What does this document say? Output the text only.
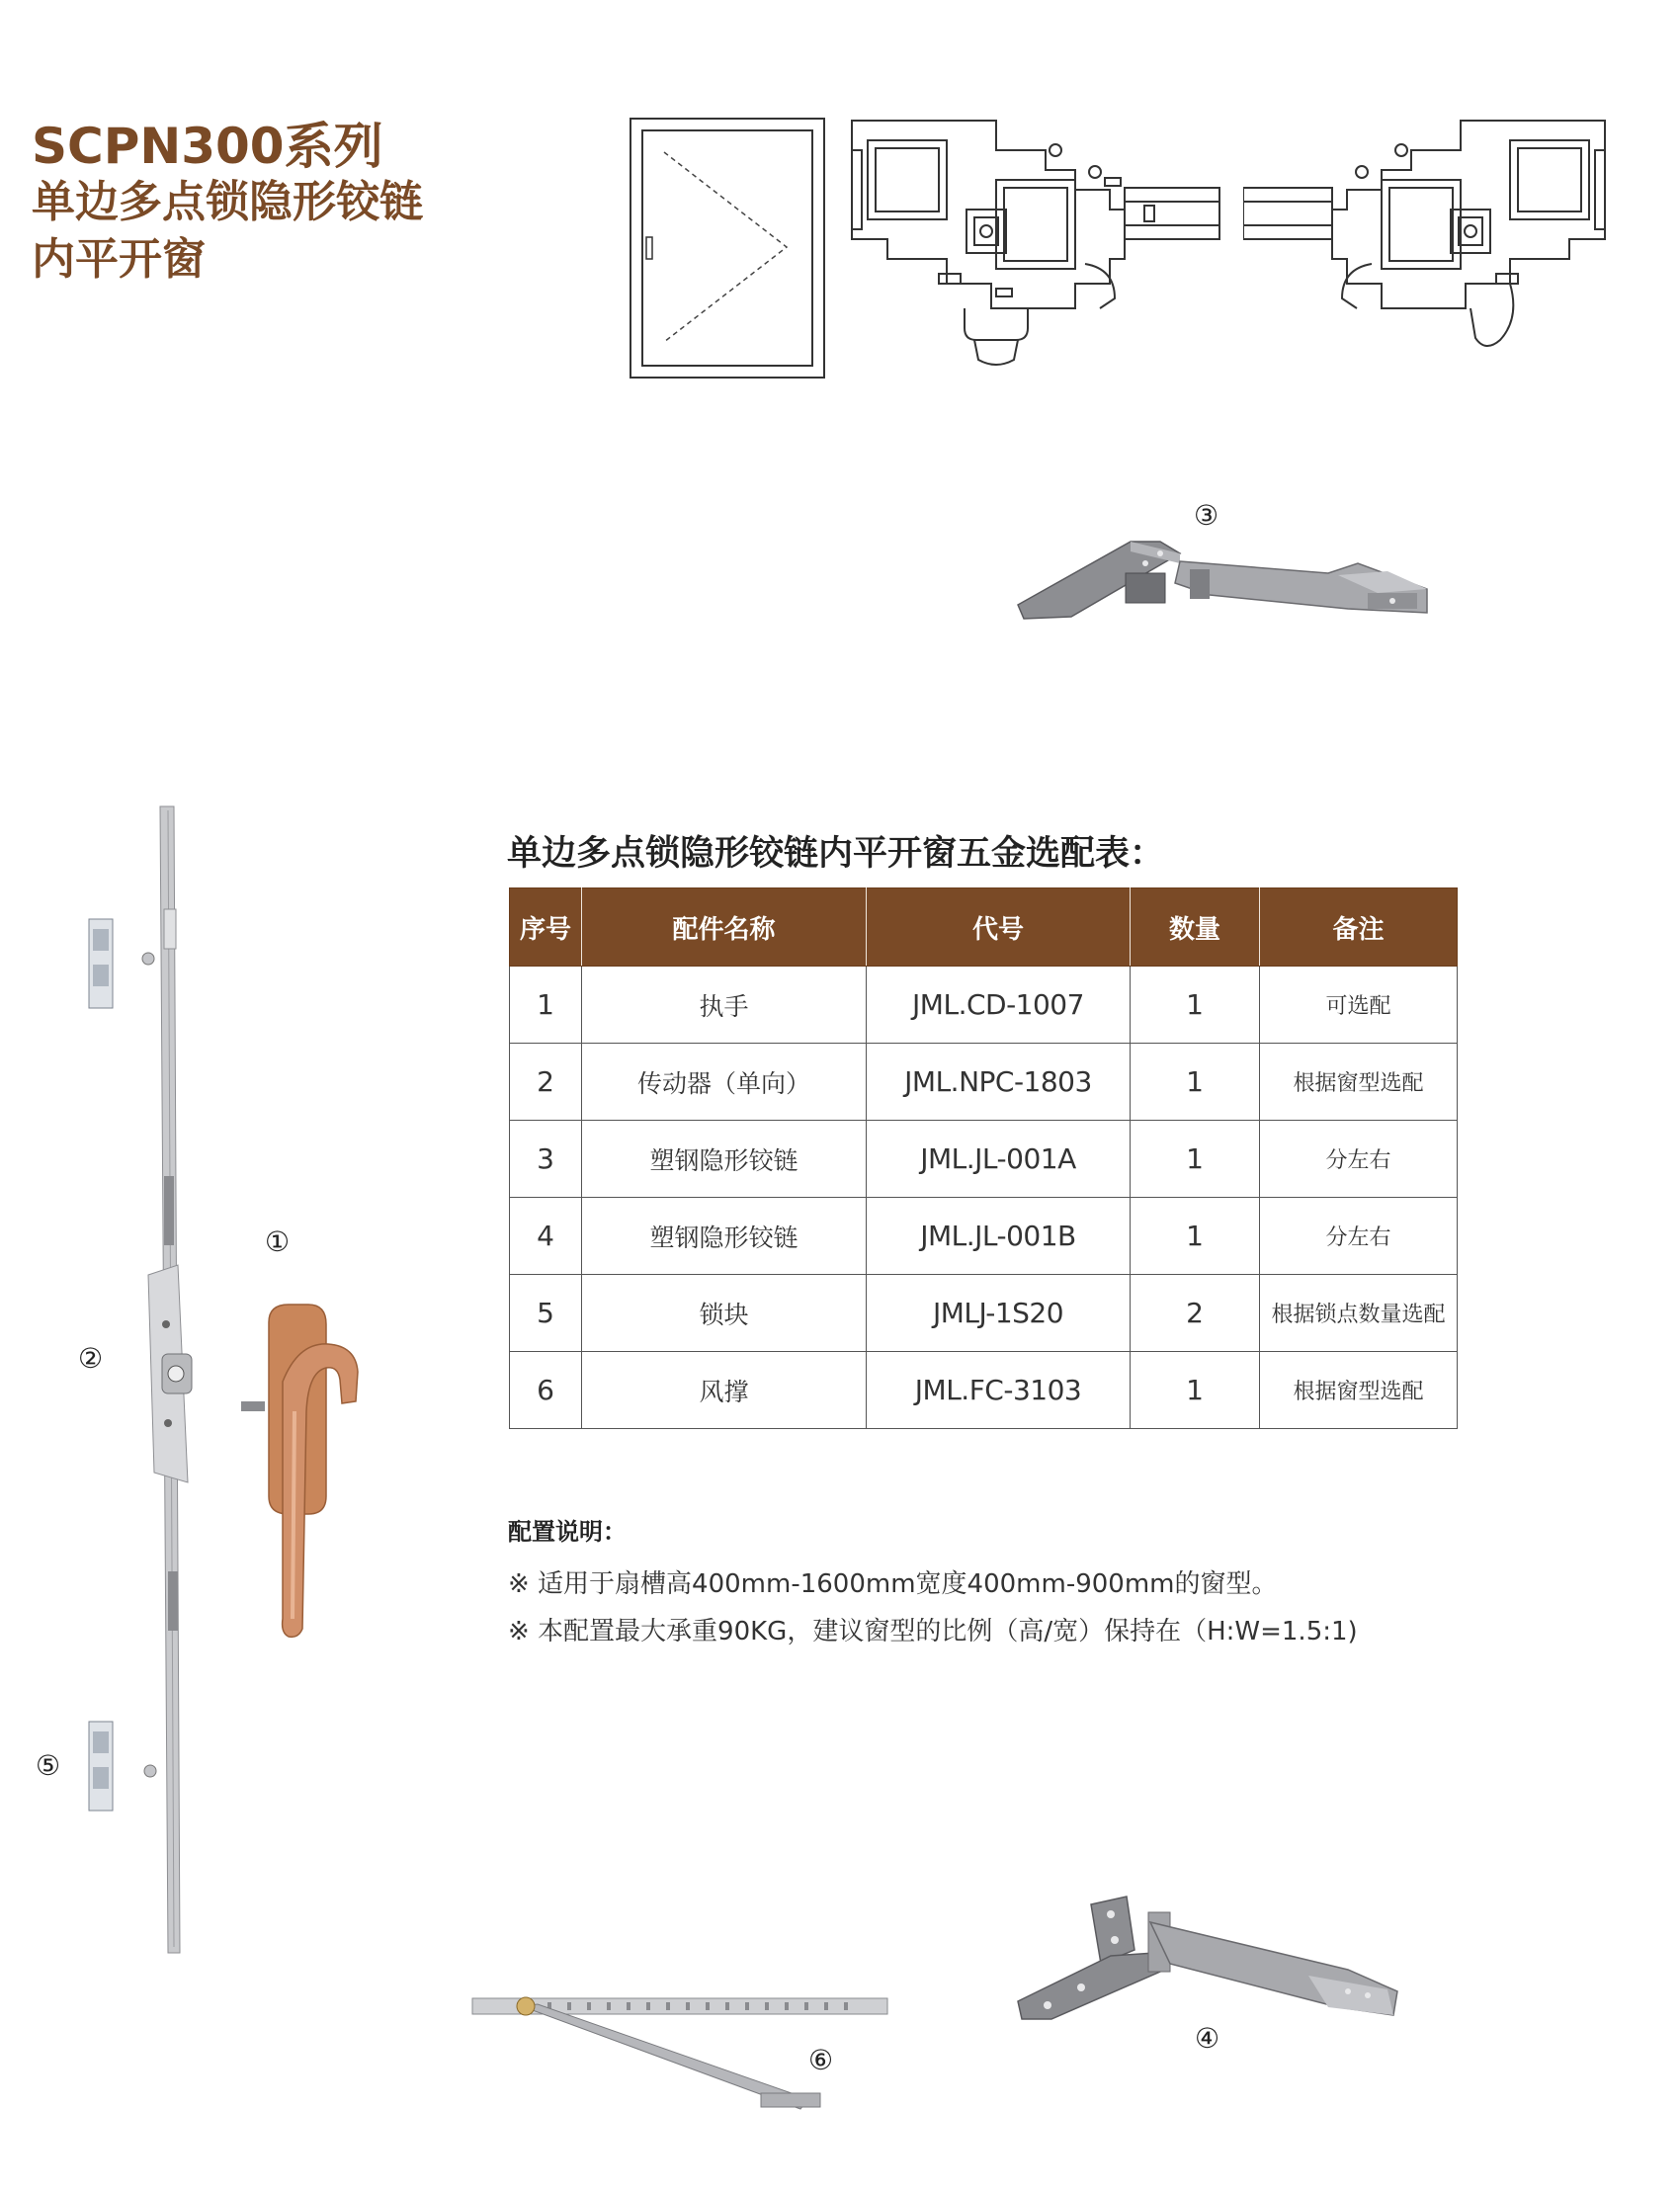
SCPN300系列
单边多点锁隐形铰链
内平开窗
③
②
⑤
①
单边多点锁隐形铰链内平开窗五金选配表：
序号	配件名称	代号	数量	备注
1	执手	JML.CD-1007	1	可选配
2	传动器（单向）	JML.NPC-1803	1	根据窗型选配
3	塑钢隐形铰链	JML.JL-001A	1	分左右
4	塑钢隐形铰链	JML.JL-001B	1	分左右
5	锁块	JMLJ-1S20	2	根据锁点数量选配
6	风撑	JML.FC-3103	1	根据窗型选配
配置说明：
※ 适用于扇槽高400mm-1600mm宽度400mm-900mm的窗型。
※ 本配置最大承重90KG，建议窗型的比例（高/宽）保持在（H:W=1.5:1)
⑥
④
